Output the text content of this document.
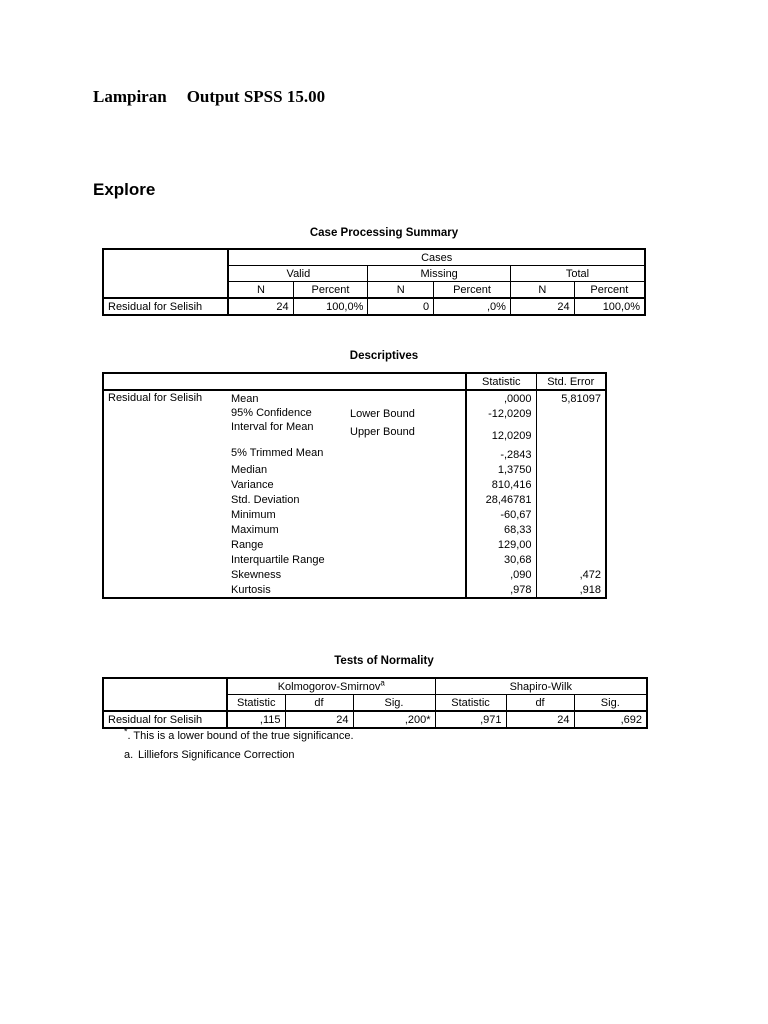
Lampiran Output SPSS 15.00
Explore
Case Processing Summary
	Cases					
	Valid		Missing		Total	
	N	Percent	N	Percent	N	Percent
Residual for Selisih	24	100,0%	0	,0%	24	100,0%
Descriptives
			Statistic	Std. Error
Residual for Selisih	Mean		,0000	5,81097
	95% Confidence Interval for Mean	Lower Bound	-12,0209	
		Upper Bound	12,0209	
	5% Trimmed Mean		-,2843	
	Median		1,3750	
	Variance		810,416	
	Std. Deviation		28,46781	
	Minimum		-60,67	
	Maximum		68,33	
	Range		129,00	
	Interquartile Range		30,68	
	Skewness		,090	,472
	Kurtosis		,978	,918
Tests of Normality
	Kolmogorov-Smirnov$^a$			Shapiro-Wilk		
	Statistic	df	Sig.	Statistic	df	Sig.
Residual for Selisih	,115	24	,200*	,971	24	,692
*. This is a lower bound of the true significance.
a. Lilliefors Significance Correction
